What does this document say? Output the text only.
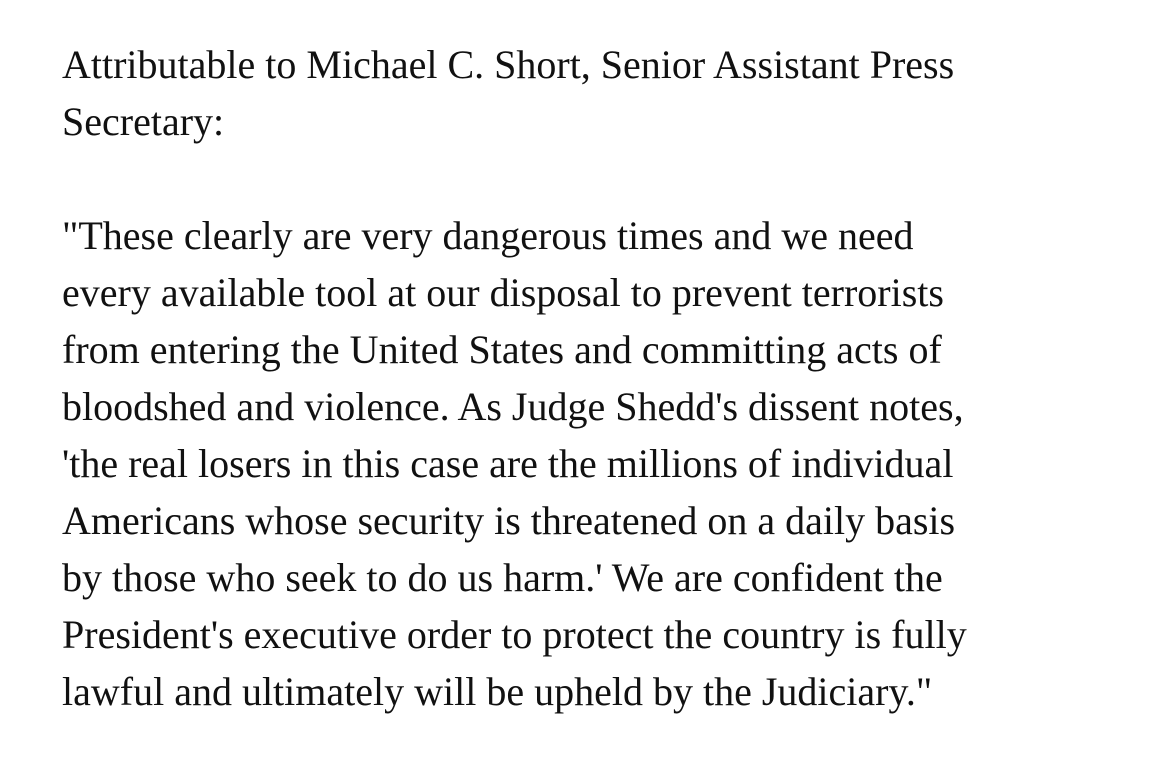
Attributable to Michael C. Short, Senior Assistant Press
Secretary:

"These clearly are very dangerous times and we need
every available tool at our disposal to prevent terrorists
from entering the United States and committing acts of
bloodshed and violence. As Judge Shedd's dissent notes,
'the real losers in this case are the millions of individual
Americans whose security is threatened on a daily basis
by those who seek to do us harm.' We are confident the
President's executive order to protect the country is fully
lawful and ultimately will be upheld by the Judiciary."
